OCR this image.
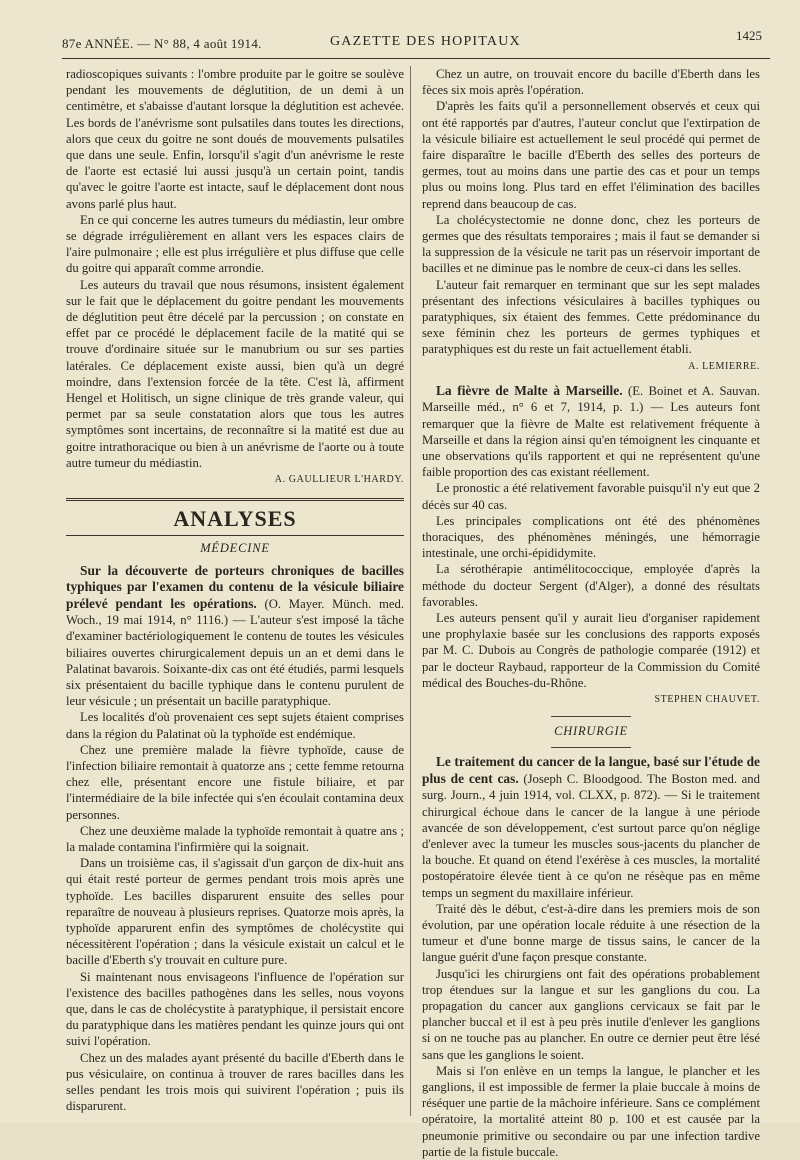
87e ANNÉE. — N° 88, 4 août 1914.	GAZETTE DES HOPITAUX	1425

radioscopiques suivants : l'ombre produite par le goitre se soulève pendant les mouvements de déglutition, de un demi à un centimètre, et s'abaisse d'autant lorsque la déglutition est achevée. Les bords de l'anévrisme sont pulsatiles dans toutes les directions, alors que ceux du goitre ne sont doués de mouvements pulsatiles que dans une seule. Enfin, lorsqu'il s'agit d'un anévrisme le reste de l'aorte est ectasié lui aussi jusqu'à un certain point, tandis qu'avec le goitre l'aorte est intacte, sauf le déplacement dont nous avons parlé plus haut.

En ce qui concerne les autres tumeurs du médiastin, leur ombre se dégrade irrégulièrement en allant vers les espaces clairs de l'aire pulmonaire ; elle est plus irrégulière et plus diffuse que celle du goitre qui apparaît comme arrondie.

Les auteurs du travail que nous résumons, insistent également sur le fait que le déplacement du goitre pendant les mouvements de déglutition peut être décelé par la percussion ; on constate en effet par ce procédé le déplacement facile de la matité qui se trouve d'ordinaire située sur le manubrium ou sur ses parties latérales. Ce déplacement existe aussi, bien qu'à un degré moindre, dans l'extension forcée de la tête. C'est là, affirment Hengel et Holitisch, un signe clinique de très grande valeur, qui permet par sa seule constatation alors que tous les autres symptômes sont incertains, de reconnaître si la matité est due au goitre intrathoracique ou bien à un anévrisme de l'aorte ou à toute autre tumeur du médiastin.

A. GAULLIEUR L'HARDY.
ANALYSES
MÉDECINE

Sur la découverte de porteurs chroniques de bacilles typhiques par l'examen du contenu de la vésicule biliaire prélevé pendant les opérations. (O. Mayer. Münch. med. Woch., 19 mai 1914, n° 1116.) — L'auteur s'est imposé la tâche d'examiner bactériologiquement le contenu de toutes les vésicules biliaires ouvertes chirurgicalement depuis un an et demi dans le Palatinat bavarois. Soixante-dix cas ont été étudiés, parmi lesquels six présentaient du bacille typhique dans le contenu purulent de leur vésicule ; un présentait un bacille paratyphique.

Les localités d'où provenaient ces sept sujets étaient comprises dans la région du Palatinat où la typhoïde est endémique.

Chez une première malade la fièvre typhoïde, cause de l'infection biliaire remontait à quatorze ans ; cette femme retourna chez elle, présentant encore une fistule biliaire, et par l'intermédiaire de la bile infectée qui s'en écoulait contamina deux personnes.

Chez une deuxième malade la typhoïde remontait à quatre ans ; la malade contamina l'infirmière qui la soignait.

Dans un troisième cas, il s'agissait d'un garçon de dix-huit ans qui était resté porteur de germes pendant trois mois après une typhoïde. Les bacilles disparurent ensuite des selles pour reparaître de nouveau à plusieurs reprises. Quatorze mois après, la typhoïde apparurent enfin des symptômes de cholécystite qui nécessitèrent l'opération ; dans la vésicule existait un calcul et le bacille d'Eberth s'y trouvait en culture pure.

Si maintenant nous envisageons l'influence de l'opération sur l'existence des bacilles pathogènes dans les selles, nous voyons que, dans le cas de cholécystite à paratyphique, il persistait encore du paratyphique dans les matières pendant les quinze jours qui ont suivi l'opération.

Chez un des malades ayant présenté du bacille d'Eberth dans le pus vésiculaire, on continua à trouver de rares bacilles dans les selles pendant les trois mois qui suivirent l'opération ; puis ils disparurent.

Chez un autre, on trouvait encore du bacille d'Eberth dans les fèces six mois après l'opération.

D'après les faits qu'il a personnellement observés et ceux qui ont été rapportés par d'autres, l'auteur conclut que l'extirpation de la vésicule biliaire est actuellement le seul procédé qui permet de faire disparaître le bacille d'Eberth des selles des porteurs de germes, tout au moins dans une partie des cas et pour un temps plus ou moins long. Plus tard en effet l'élimination des bacilles reprend dans beaucoup de cas.

La cholécystectomie ne donne donc, chez les porteurs de germes que des résultats temporaires ; mais il faut se demander si la suppression de la vésicule ne tarit pas un réservoir important de bacilles et ne diminue pas le nombre de ceux-ci dans les selles.

L'auteur fait remarquer en terminant que sur les sept malades présentant des infections vésiculaires à bacilles typhiques ou paratyphiques, six étaient des femmes. Cette prédominance du sexe féminin chez les porteurs de germes typhiques et paratyphiques est du reste un fait actuellement établi.

A. LEMIERRE.

La fièvre de Malte à Marseille. (E. Boinet et A. Sauvan. Marseille méd., n° 6 et 7, 1914, p. 1.) — Les auteurs font remarquer que la fièvre de Malte est relativement fréquente à Marseille et dans la région ainsi qu'en témoignent les cinquante et une observations qu'ils rapportent et qui ne représentent qu'une faible proportion des cas existant réellement.

Le pronostic a été relativement favorable puisqu'il n'y eut que 2 décès sur 40 cas.

Les principales complications ont été des phénomènes thoraciques, des phénomènes méningés, une hémorragie intestinale, une orchi-épididymite.

La sérothérapie antimélitococcique, employée d'après la méthode du docteur Sergent (d'Alger), a donné des résultats favorables.

Les auteurs pensent qu'il y aurait lieu d'organiser rapidement une prophylaxie basée sur les conclusions des rapports exposés par M. C. Dubois au Congrès de pathologie comparée (1912) et par le docteur Raybaud, rapporteur de la Commission du Comité médical des Bouches-du-Rhône.

STEPHEN CHAUVET.
CHIRURGIE

Le traitement du cancer de la langue, basé sur l'étude de plus de cent cas. (Joseph C. Bloodgood. The Boston med. and surg. Journ., 4 juin 1914, vol. CLXX, p. 872). — Si le traitement chirurgical échoue dans le cancer de la langue à une période avancée de son développement, c'est surtout parce qu'on néglige d'enlever avec la tumeur les muscles sous-jacents du plancher de la bouche. Et quand on étend l'exérèse à ces muscles, la mortalité postopératoire élevée tient à ce qu'on ne résèque pas en même temps un segment du maxillaire inférieur.

Traité dès le début, c'est-à-dire dans les premiers mois de son évolution, par une opération locale réduite à une résection de la tumeur et d'une bonne marge de tissus sains, le cancer de la langue guérit d'une façon presque constante.

Jusqu'ici les chirurgiens ont fait des opérations probablement trop étendues sur la langue et sur les ganglions du cou. La propagation du cancer aux ganglions cervicaux se fait par le plancher buccal et il est à peu près inutile d'enlever les ganglions si on ne touche pas au plancher. En outre ce dernier peut être lésé sans que les ganglions le soient.

Mais si l'on enlève en un temps la langue, le plancher et les ganglions, il est impossible de fermer la plaie buccale à moins de réséquer une partie de la mâchoire inférieure. Sans ce complément opératoire, la mortalité atteint 80 p. 100 et est causée par la pneumonie primitive ou secondaire ou par une infection tardive partie de la fistule buccale.
